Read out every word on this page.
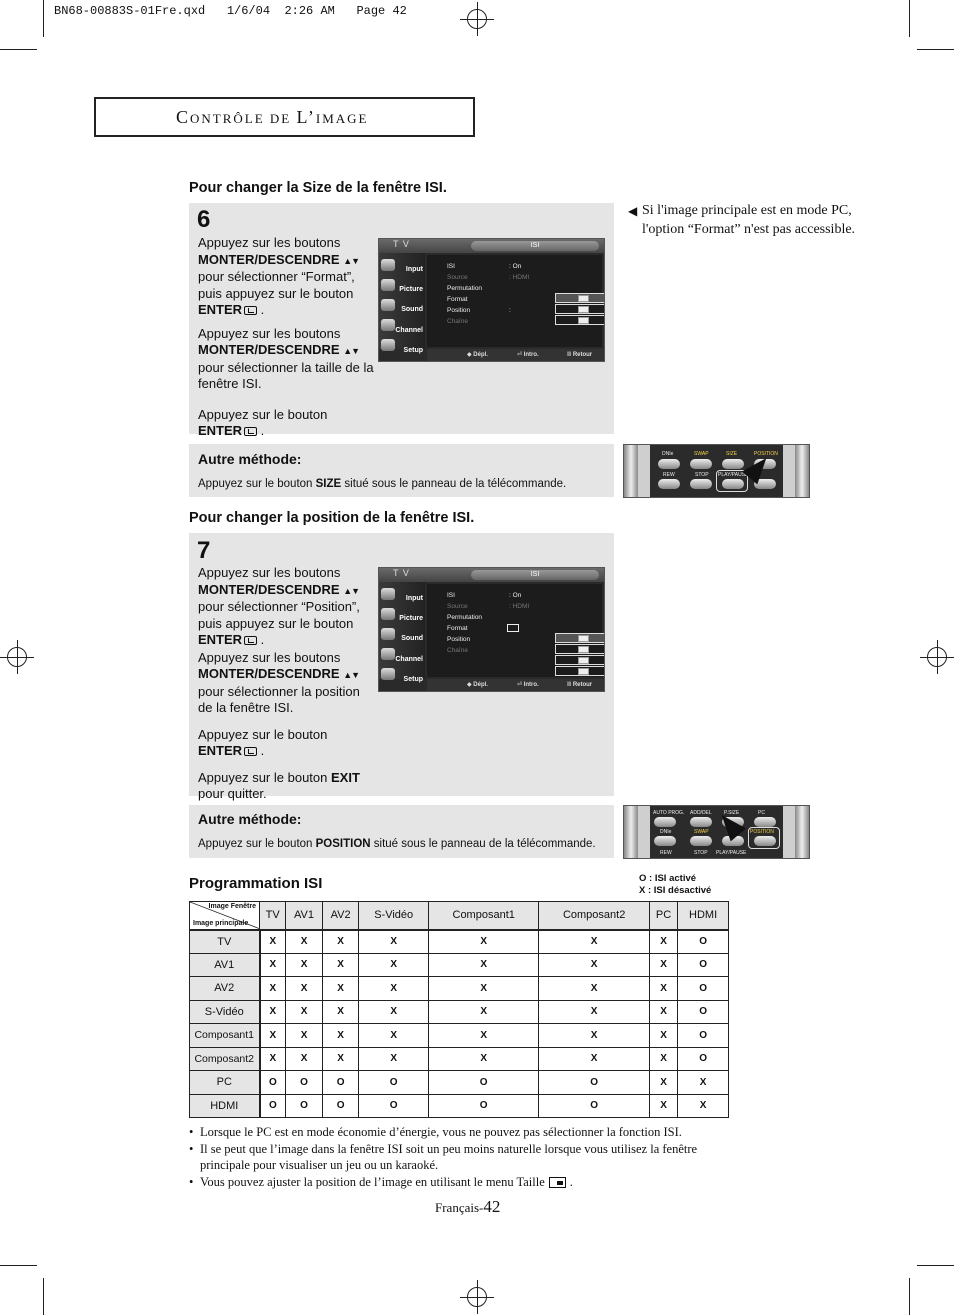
BN68-00883S-01Fre.qxd   1/6/04  2:26 AM   Page 42
CONTRÔLE DE L’IMAGE
Pour changer la Size de la fenêtre ISI.
6

Appuyez sur les boutons
MONTER/DESCENDRE ▲▼
pour sélectionner “Format”, puis appuyez sur le bouton
ENTER .

Appuyez sur les boutons
MONTER/DESCENDRE ▲▼
pour sélectionner la taille de la fenêtre ISI.

Appuyez sur le bouton
ENTER .

T V	ISI
Input
Picture
Sound
Channel
Setup
ISI	: On
Source	: HDMI
Permutation
Format
Position	:
Chaîne
◆ Dépl.	⏎ Intro.	Ⅲ Retour
◀ Si l'image principale est en mode PC, l'option “Format” n'est pas accessible.
Autre méthode:
Appuyez sur le bouton SIZE situé sous le panneau de la télécommande.
DNIe	SWAP	SIZE	POSITION
REW	STOP PLAY/PAUSE
Pour changer la position de la fenêtre ISI.
7

Appuyez sur les boutons
MONTER/DESCENDRE ▲▼
pour sélectionner “Position”, puis appuyez sur le bouton
ENTER .

Appuyez sur les boutons
MONTER/DESCENDRE ▲▼
pour sélectionner la position de la fenêtre ISI.

Appuyez sur le bouton
ENTER .

Appuyez sur le bouton EXIT
pour quitter.

T V	ISI
Input
Picture
Sound
Channel
Setup
ISI	: On
Source	: HDMI
Permutation
Format
Position
Chaîne
◆ Dépl.	⏎ Intro.	Ⅲ Retour
Autre méthode:
Appuyez sur le bouton POSITION situé sous le panneau de la télécommande.
AUTO PROG. ADD/DEL P.SIZE	PC
DNIe	SWAP	POSITION
REW	STOP PLAY/PAUSE
Programmation ISI	O : ISI activé
X : ISI désactivé
Image Fenêtre
Image principale	TV	AV1	AV2	S-Vidéo	Composant1	Composant2	PC	HDMI
TV	X	X	X	X	X	X	X	O
AV1	X	X	X	X	X	X	X	O
AV2	X	X	X	X	X	X	X	O
S-Vidéo	X	X	X	X	X	X	X	O
Composant1	X	X	X	X	X	X	X	O
Composant2	X	X	X	X	X	X	X	O
PC	O	O	O	O	O	O	X	X
HDMI	O	O	O	O	O	O	X	X
• Lorsque le PC est en mode économie d’énergie, vous ne pouvez pas sélectionner la fonction ISI.
• Il se peut que l’image dans la fenêtre ISI soit un peu moins naturelle lorsque vous utilisez la fenêtre principale pour visualiser un jeu ou un karaoké.
• Vous pouvez ajuster la position de l’image en utilisant le menu Taille .
Français-42
